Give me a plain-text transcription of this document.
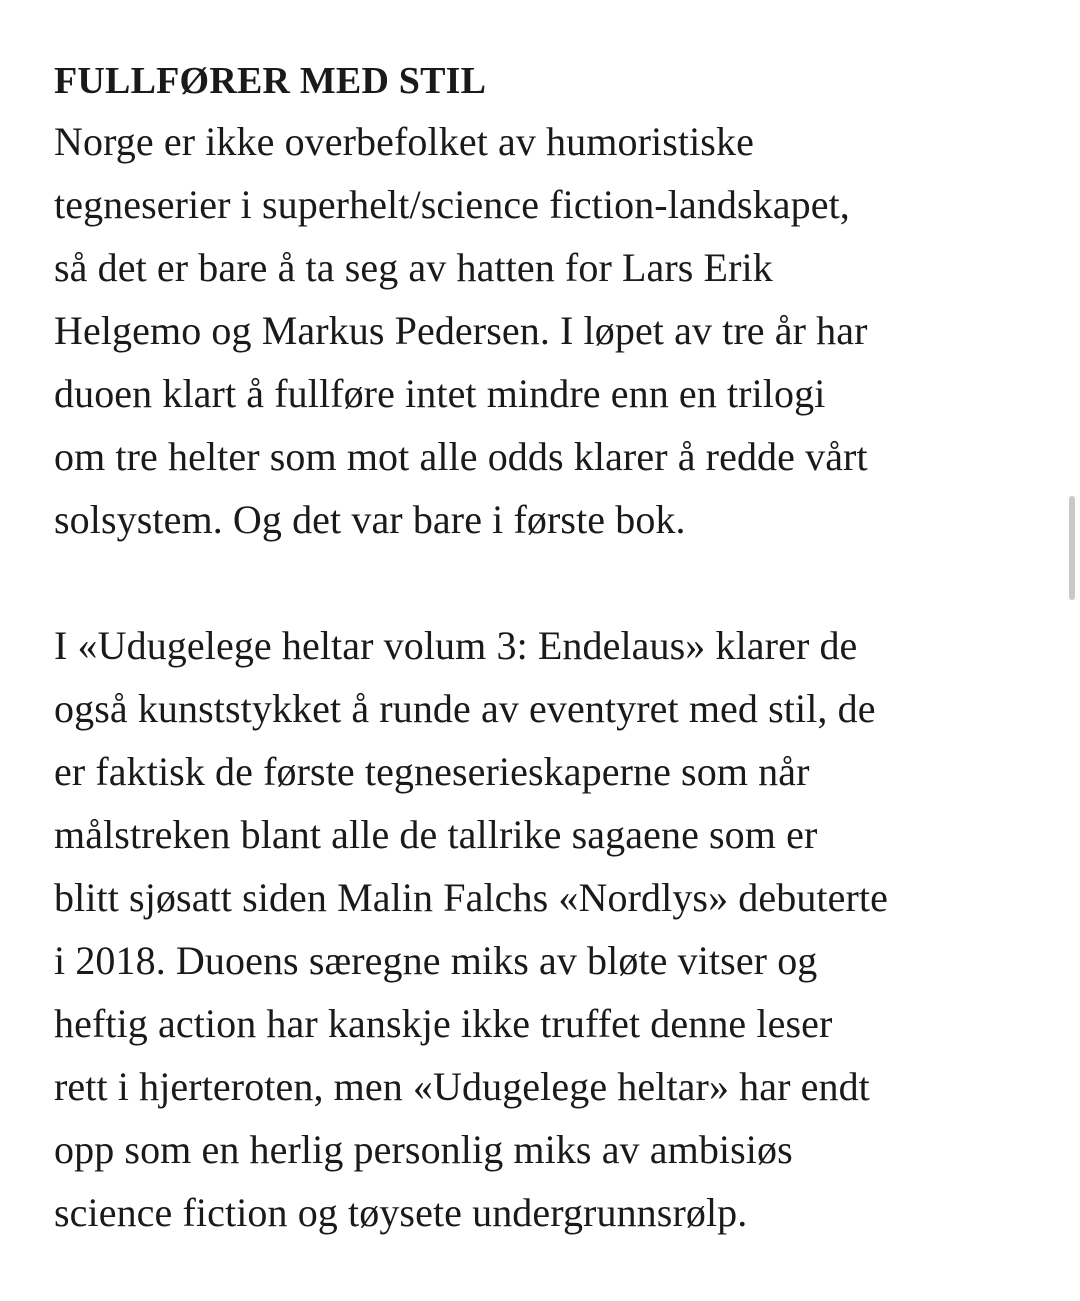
FULLFØRER MED STIL

Norge er ikke overbefolket av humoristiske
tegneserier i superhelt/science fiction-landskapet,
så det er bare å ta seg av hatten for Lars Erik
Helgemo og Markus Pedersen. I løpet av tre år har
duoen klart å fullføre intet mindre enn en trilogi
om tre helter som mot alle odds klarer å redde vårt
solsystem. Og det var bare i første bok.

I «Udugelege heltar volum 3: Endelaus» klarer de
også kunststykket å runde av eventyret med stil, de
er faktisk de første tegneserieskaperne som når
målstreken blant alle de tallrike sagaene som er
blitt sjøsatt siden Malin Falchs «Nordlys» debuterte
i 2018. Duoens særegne miks av bløte vitser og
heftig action har kanskje ikke truffet denne leser
rett i hjerteroten, men «Udugelege heltar» har endt
opp som en herlig personlig miks av ambisiøs
science fiction og tøysete undergrunnsrølp.
